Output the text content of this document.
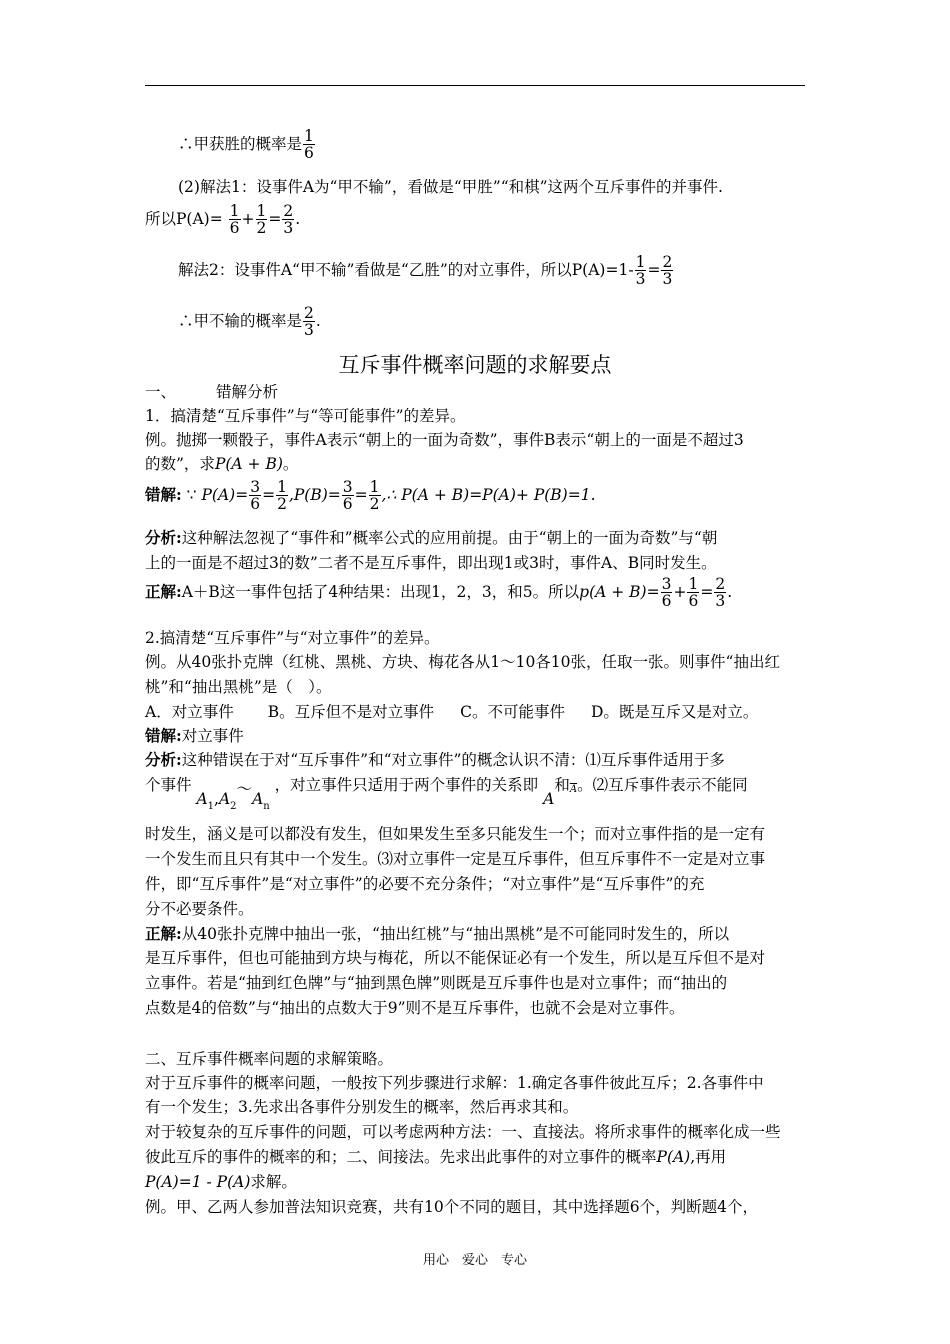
∴甲获胜的概率是 $\frac{1}{6}$
(2)解法1：设事件A为“甲不输”，看做是“甲胜”“和棋”这两个互斥事件的并事件.
所以$P(A)= \frac{1}{6} + \frac{1}{2} = \frac{2}{3}$ .
解法2：设事件A“甲不输”看做是“乙胜”的对立事件，所以$P(A)=1- \frac{1}{3} = \frac{2}{3}$
∴甲不输的概率是 $\frac{2}{3}$ .
互斥事件概率问题的求解要点
一、	错解分析
1．搞清楚“互斥事件”与“等可能事件”的差异。
例。抛掷一颗骰子，事件A表示“朝上的一面为奇数”，事件B表示“朝上的一面是不超过3
的数”，求P(A + B)。
错解: ∵ $P(A)= \frac{3}{6} = \frac{1}{2} ,P(B)= \frac{3}{6} = \frac{1}{2}$ ,∴ P(A + B)=P(A)+ P(B)=1.
分析:这种解法忽视了“事件和”概率公式的应用前提。由于“朝上的一面为奇数”与“朝
上的一面是不超过3的数”二者不是互斥事件，即出现1或3时，事件A、B同时发生。
正解:A＋B这一事件包括了4种结果：出现1，2，3，和5。所以$p(A + B)= \frac{3}{6} + \frac{1}{6} = \frac{2}{3}$ .
2.搞清楚“互斥事件”与“对立事件”的差异。
例。从40张扑克牌（红桃、黑桃、方块、梅花各从1～10各10张，任取一张。则事件“抽出红
桃”和“抽出黑桃”是（　）。
A．对立事件 B。互斥但不是对立事件 C。不可能事件 D。既是互斥又是对立。
错解:对立事件
分析:这种错误在于对“互斥事件”和“对立事件”的概念认识不清：⑴互斥事件适用于多
个事件 $A_1,A_2\sim A_n$ ，对立事件只适用于两个事件的关系即 A和$\overline{A}$。⑵互斥事件表示不能同
时发生，涵义是可以都没有发生，但如果发生至多只能发生一个；而对立事件指的是一定有
一个发生而且只有其中一个发生。⑶对立事件一定是互斥事件，但互斥事件不一定是对立事
件，即“互斥事件”是“对立事件”的必要不充分条件；“对立事件”是“互斥事件”的充
分不必要条件。
正解:从40张扑克牌中抽出一张，“抽出红桃”与“抽出黑桃”是不可能同时发生的，所以
是互斥事件，但也可能抽到方块与梅花，所以不能保证必有一个发生，所以是互斥但不是对
立事件。若是“抽到红色牌”与“抽到黑色牌”则既是互斥事件也是对立事件；而“抽出的
点数是4的倍数”与“抽出的点数大于9”则不是互斥事件，也就不会是对立事件。
二、互斥事件概率问题的求解策略。
对于互斥事件的概率问题，一般按下列步骤进行求解：1.确定各事件彼此互斥；2.各事件中
有一个发生；3.先求出各事件分别发生的概率，然后再求其和。
对于较复杂的互斥事件的问题，可以考虑两种方法：一、直接法。将所求事件的概率化成一些
彼此互斥的事件的概率的和；二、间接法。先求出此事件的对立事件的概率P(A),再用
P(A)=1 - P(A)求解。
例。甲、乙两人参加普法知识竞赛，共有10个不同的题目，其中选择题6个，判断题4个，
用心　爱心　专心
